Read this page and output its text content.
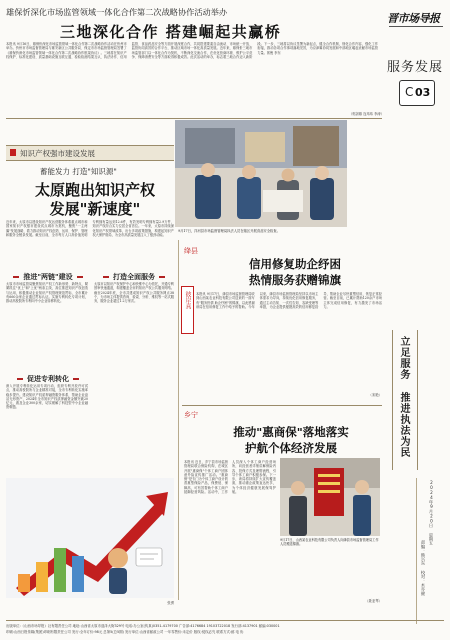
晋市场导报
服务发展
C 03
雄保忻深化市场监管领域一体化合作第二次战略协作活动举办
三地深化合作 搭建崛起共赢桥
本报讯 9月16日，雄保忻深化市场监管领域一体化合作第二次战略协作活动在忻州市举办。忻州市市场监督管理局与雄安新区公共服务局、保定市市场监督管理局签署了《雄保忻深化市场监管领域一体化合作第二次战略协作框架协议》。三地将在知识产权保护、标准化建设、质量基础设施互联互通、检验检测结果互认、执法协作、信用监管、食品药品安全等方面开展深度合作，共同搭建要素自由流动、市场统一开放、监管协同高效的合作平台，推动区域市场一体化高质量发展。近年来，雄保忻三地市场监管部门以一体化合作为契机，不断深化交流合作，在优化营商环境、维护公平竞争、保障消费安全等方面取得积极成效。此次活动的举办，标志着三地合作迈入新阶段。下一步，三地将以协议签署为新起点，健全合作机制，细化合作内容，强化工作衔接，推动各项合作事项落地见效，为京津冀协同发展和中部地区崛起贡献市场监管力量。郭俊 李东
（郭剑雄 连玮玮 李涛）
知识产权强市建设发展
9月17日，洋河县市场监督管理局执法人员在辖区开展食品安全检查。
立足服务 推进执法为民
蓄能发力 打造"知识源"
太原跑出知识产权
发展"新速度"
近年来，太原市以建设知识产权运营服务体系重点城市和国家知识产权强市建设试点城市为契机，聚焦"一主两翼"发展战略，着力推动知识产权创造、运用、保护、管理和服务全链条发展。截至目前，全市每万人口高价值发明专利拥有量达到12.6件，有效发明专利拥有量2.9万件，知识产权综合实力位居全省首位。一年来，太原市持续深化知识产权领域改革，出台多项政策措施，构建起知识产权大保护格局，为全市高质量发展注入了强劲动能。
推进"两链"建设
太原市市场监管局聚焦知识产权工作新形势、新特点，紧紧抓住"优上"和"上优"两条主线，高位推进知识产权创造与运用，积极推动企业知识产权管理规范贯标，全市累计有660余家企业通过贯标认证。实施专利转化专项计划，推动高校院所专利向中小企业转移转化。
打造全面服务
太原市以知识产权保护中心和快维中心为依托，开通专利预审快速通道，构建覆盖全市的知识产权公共服务网络。截至2024年底，全市共建成知识产权公共服务网点38个，为市场主体提供咨询、检索、分析、维权等一站式服务，服务企业超过1.2万家次。
促进专利转化
深入开展专利转化运用专项行动，组织专利开放许可试点，推动高校院所与企业精准对接，全市专利转化实施率稳步提升。建设知识产权质押融资服务体系，帮助企业盘活无形资产，2024年全市知识产权质押融资金额突破20亿元，惠及企业300余家，切实缓解了科技型中小企业融资难题。
张勇
绛县
信用修复助企纾困
热情服务获赠锦旗
彼岸真	本报讯 9月17日，绛县市场监督管理局收到山西某农业科技有限公司送来的一面写有"服务热情 助企纾困"的锦旗，以此感谢该局在信用修复工作中给予的帮助。今年以来，绛县市场监督管理局坚持以市场主体需求为导向，持续优化信用修复服务，通过主动告知、一次性告知、容缺受理等举措，为企业提供便捷高效的信用修复指导，帮助企业尽快重塑信用，恢复正常经营。截至目前，已累计帮助120余户市场主体完成信用修复，有力激发了市场活力。
（宋艳）
乡宁
推动"惠商保"落地落实
护航个体经济发展
9月17日，山西某农业科技有限公司负责人向绛县市场监督管理局工作人员赠送锦旗。
本报讯 近日，乡宁县市场监督管理局联合保险机构，在城区开展"惠商保"个体工商户团体意外险宣传推广活动。"惠商保"是专门为个体工商户设计的普惠型保险产品，保费低、保障高，可有效帮助个体工商户抵御经营风险。活动中，工作人员深入个体工商户经营场所，向经营者详细讲解保险内容、投保方式及理赔流程，引导个体工商户积极参保。下一步，该局将持续扩大宣传覆盖面，推动惠企政策直达快享，为个体经济健康发展保驾护航。
（聂亚琴）
2024年9月20日 星期五
责编：韩兴东 校对：木亦健
出版单位:《山西市场导报》社有限责任公司 地址:山西省太原市迎泽大街329号 电话:办公室(传真)0351-4179700 广告部:4176684 19103722018 发行部:4137901 邮编:030001
印刷:山西日报传媒(集团)印刷有限责任公司 发行:全年订价:98元 总第5(总5期) 发行单位:山西省邮政公司 一年零售价:未定价 版权:侵权必究 联系方式:邮 电 协
